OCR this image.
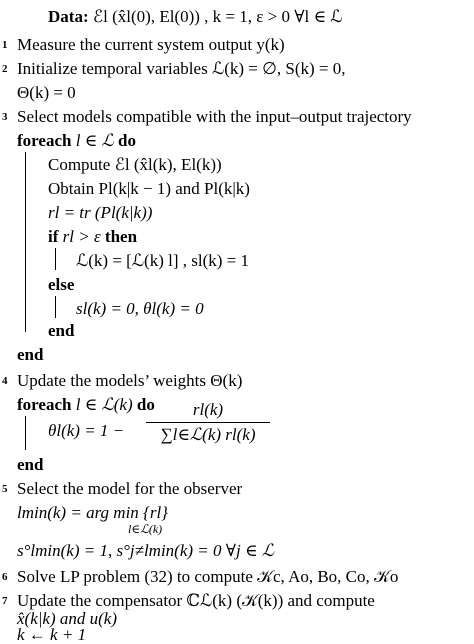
Data: ℰl (x̂l(0), El(0)) , k = 1, ε > 0 ∀l ∈ ℒ
1 Measure the current system output y(k)
2 Initialize temporal variables ℒ(k) = ∅, S(k) = 0,
Θ(k) = 0
3 Select models compatible with the input–output trajectory
foreach l ∈ ℒ do
Compute ℰl (x̂l(k), El(k))
Obtain Pl(k|k − 1) and Pl(k|k)
rl = tr (Pl(k|k))
if rl > ε then
ℒ(k) = [ℒ(k) l] , sl(k) = 1
else
sl(k) = 0, θl(k) = 0
end
end
4 Update the models’ weights Θ(k)
foreach l ∈ ℒ(k) do
θl(k) = 1 −
rl(k)
∑l∈ℒ(k) rl(k)
end
5 Select the model for the observer
lmin(k) = arg min {rl}
l∈ℒ(k)
s°lmin(k) = 1, s°j≠lmin(k) = 0 ∀j ∈ ℒ
6 Solve LP problem (32) to compute 𝒦c, Ao, Bo, Co, 𝒦o
7 Update the compensator ℂℒ(k) (𝒦(k)) and compute
x̂(k|k) and u(k)
k ← k + 1
